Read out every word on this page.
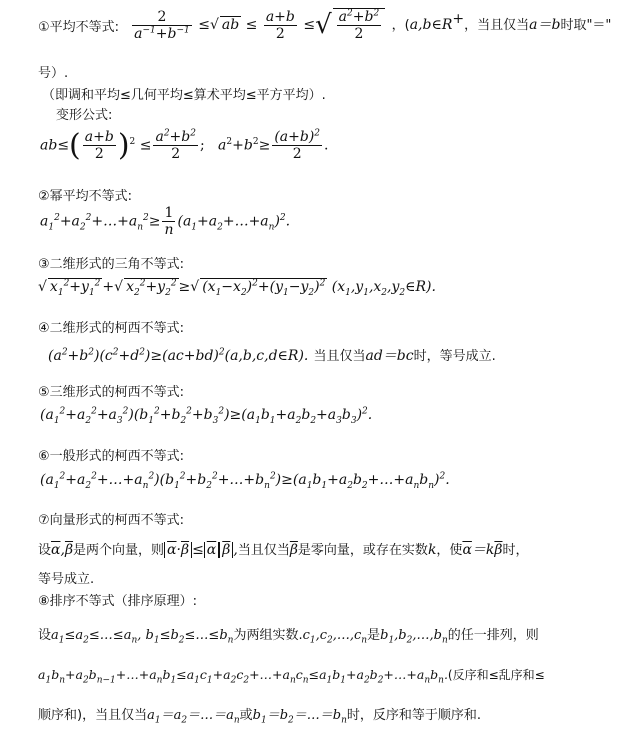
①平均不等式: $\frac{2}{a^{-1}+b^{-1}}$ ≤√ ab ≤ $\frac{a+b}{2}$ ≤√ $\frac{a^2+b^2}{2}$ ，(a,b∈R+，当且仅当a＝b时取"＝"
号）.
（即调和平均≤几何平均≤算术平均≤平方平均）.
变形公式:
$ab\le( \frac{a+b}{2} )^2 \le \frac{a^2+b^2}{2}$ ;   $a^2+b^2\ge \frac{(a+b)^2}{2}$ .
②幂平均不等式:
$a_1^2+a_2^2+\dots+a_n^2\ge \frac{1}{n}$ $(a_1+a_2+\dots+a_n)^2$.
③二维形式的三角不等式:
√ $x_1^2+y_1^2$ +√ $x_2^2+y_2^2$ ≥√ $(x_1-x_2)^2+(y_1-y_2)^2$ $(x_1,y_1,x_2,y_2\in R)$.
④二维形式的柯西不等式:
$(a^2+b^2)(c^2+d^2)\ge(ac+bd)^2(a,b,c,d\in R)$. 当且仅当ad＝bc时，等号成立.
⑤三维形式的柯西不等式:
$(a_1^2+a_2^2+a_3^2)(b_1^2+b_2^2+b_3^2)\ge(a_1b_1+a_2b_2+a_3b_3)^2$.
⑥一般形式的柯西不等式:
$(a_1^2+a_2^2+\dots+a_n^2)(b_1^2+b_2^2+\dots+b_n^2)\ge(a_1b_1+a_2b_2+\dots+a_nb_n)^2$.
⑦向量形式的柯西不等式:
设$\overline{\alpha},\overline{\beta}$是两个向量，则 $\overline{\alpha}\cdot\overline{\beta} \le \overline{\alpha}$ $\overline{\beta}$ ,当且仅当$\overline{\beta}$是零向量，或存在实数k，使$\overline{\alpha}=k\overline{\beta}$时，
等号成立.
⑧排序不等式（排序原理）:
设$a_1\le a_2\le\dots\le a_n$, $b_1\le b_2\le\dots\le b_n$为两组实数$.c_1,c_2,\dots,c_n$是$b_1,b_2,\dots,b_n$的任一排列，则
$a_1b_n+a_2b_{n-1}+\dots+a_nb_1\le a_1c_1+a_2c_2+\dots+a_nc_n\le a_1b_1+a_2b_2+\dots+a_nb_n$.(反序和≤乱序和≤
顺序和)，当且仅当$a_1=a_2=\dots=a_n$或$b_1=b_2=\dots=b_n$时，反序和等于顺序和.
